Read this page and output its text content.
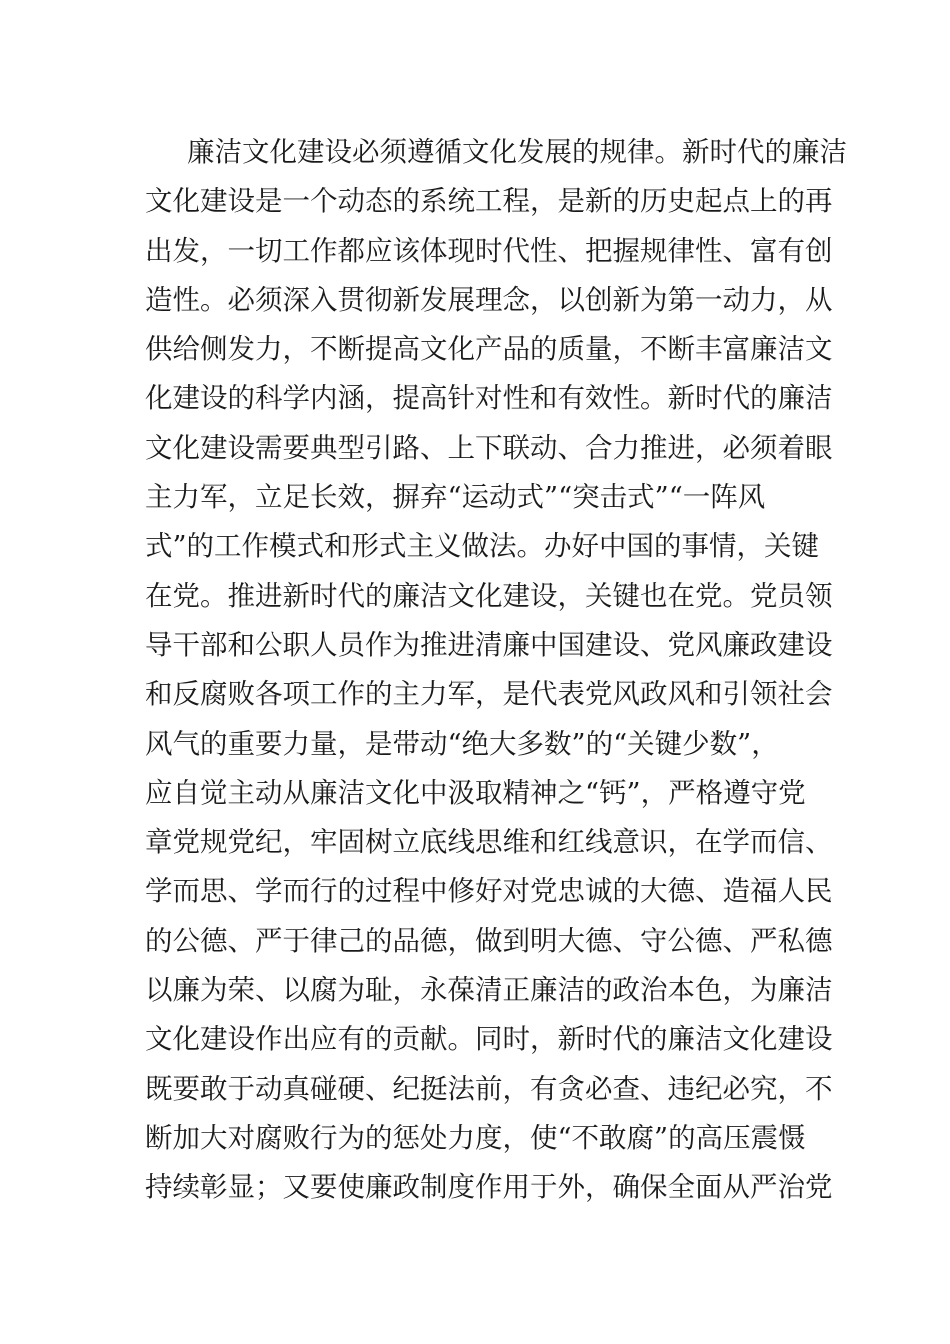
廉洁文化建设必须遵循文化发展的规律。新时代的廉洁
文化建设是一个动态的系统工程，是新的历史起点上的再
出发，一切工作都应该体现时代性、把握规律性、富有创
造性。必须深入贯彻新发展理念，以创新为第一动力，从
供给侧发力，不断提高文化产品的质量，不断丰富廉洁文
化建设的科学内涵，提高针对性和有效性。新时代的廉洁
文化建设需要典型引路、上下联动、合力推进，必须着眼
主力军，立足长效，摒弃“运动式”“突击式”“一阵风
式”的工作模式和形式主义做法。办好中国的事情，关键
在党。推进新时代的廉洁文化建设，关键也在党。党员领
导干部和公职人员作为推进清廉中国建设、党风廉政建设
和反腐败各项工作的主力军，是代表党风政风和引领社会
风气的重要力量，是带动“绝大多数”的“关键少数”，
应自觉主动从廉洁文化中汲取精神之“钙”，严格遵守党
章党规党纪，牢固树立底线思维和红线意识，在学而信、
学而思、学而行的过程中修好对党忠诚的大德、造福人民
的公德、严于律己的品德，做到明大德、守公德、严私德
以廉为荣、以腐为耻，永葆清正廉洁的政治本色，为廉洁
文化建设作出应有的贡献。同时，新时代的廉洁文化建设
既要敢于动真碰硬、纪挺法前，有贪必查、违纪必究，不
断加大对腐败行为的惩处力度，使“不敢腐”的高压震慑
持续彰显；又要使廉政制度作用于外，确保全面从严治党
